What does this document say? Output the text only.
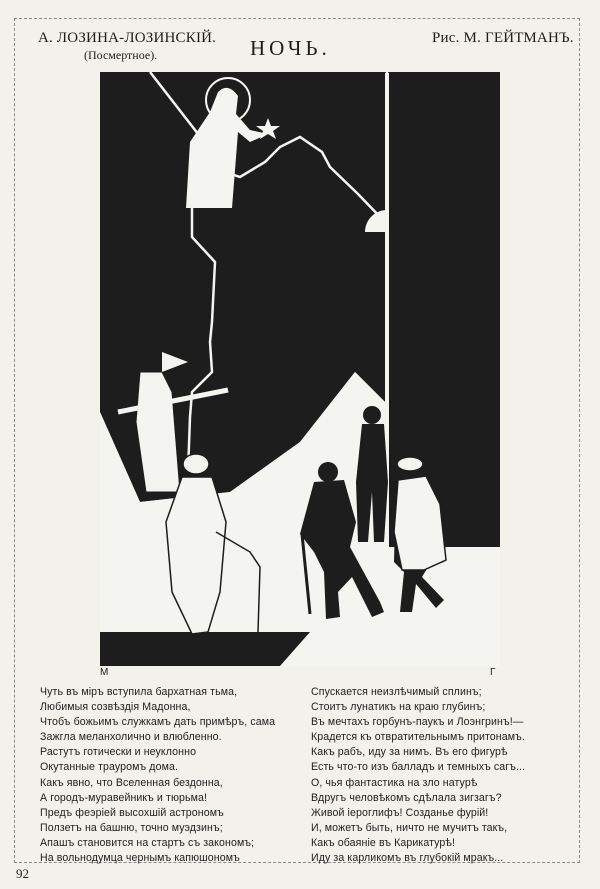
А. ЛОЗИНА-ЛОЗИНСКІЙ.
(Посмертное).	НОЧЬ.	Рис. М. ГЕЙТМАНЪ.
М	Г
Чуть въ міръ вступила бархатная тьма,
Любимыя созвѣздія Мадонна,
Чтобъ божьимъ служкамъ дать примѣръ, сама
Зажгла меланхолично и влюбленно.
Растутъ готически и неуклонно
Окутанные трауромъ дома.
Какъ явно, что Вселенная бездонна,
А городъ-муравейникъ и тюрьма!
Предъ феэріей высохшій астрономъ
Ползетъ на башню, точно муэдзинъ;
Апашъ становится на стартъ съ закономъ;
На вольнодумца чернымъ капюшономъ
Спускается неизлѣчимый сплинъ;
Стоитъ лунатикъ на краю глубинъ;
Въ мечтахъ горбунъ-паукъ и Лоэнгринъ!—
Крадется къ отвратительнымъ притонамъ.
Какъ рабъ, иду за нимъ. Въ его фигурѣ
Есть что-то изъ балладъ и темныхъ сагъ...
О, чья фантастика на зло натурѣ
Вдругъ человѣкомъ сдѣлала зигзагъ?
Живой іероглифъ! Созданье фурій!
И, можетъ быть, ничто не мучитъ такъ,
Какъ обаяніе въ Карикатурѣ!
Иду за карликомъ въ глубокій мракъ...
92
